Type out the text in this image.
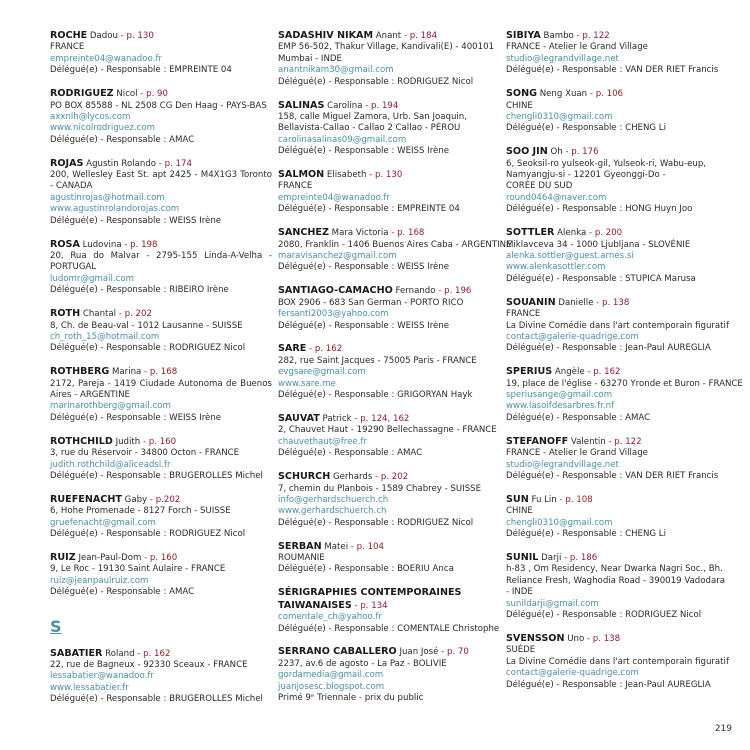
ROCHE Dadou - p. 130
FRANCE
empreinte04@wanadoo.fr
Délégué(e) - Responsable : EMPREINTE 04
RODRIGUEZ Nicol - p. 90
PO BOX 85588 - NL 2508 CG Den Haag - PAYS-BAS
axxnlh@lycos.com
www.nicolrodriguez.com
Délégué(e) - Responsable : AMAC
ROJAS Agustin Rolando - p. 174
200, Wellesley East St. apt 2425 - M4X1G3 Toronto - CANADA
agustinrojas@hotmail.com
www.agustinrolandorojas.com
Délégué(e) - Responsable : WEISS Irène
ROSA Ludovina - p. 198
20, Rua do Malvar - 2795-155 Linda-A-Velha - PORTUGAL
ludomr@gmail.com
Délégué(e) - Responsable : RIBEIRO Irène
ROTH Chantal - p. 202
8, Ch. de Beau-val - 1012 Lausanne - SUISSE
ch_roth_15@hotmail.com
Délégué(e) - Responsable : RODRIGUEZ Nicol
ROTHBERG Marina - p. 168
2172, Pareja - 1419 Ciudade Autonoma de Buenos Aires - ARGENTINE
marinarothberg@gmail.com
Délégué(e) - Responsable : WEISS Irène
ROTHCHILD Judith - p. 160
3, rue du Réservoir - 34800 Octon - FRANCE
judith.rothchild@aliceadsl.fr
Délégué(e) - Responsable : BRUGEROLLES Michel
RUEFENACHT Gaby - p.202
6, Hohe Promenade - 8127 Forch - SUISSE
gruefenacht@gmail.com
Délégué(e) - Responsable : RODRIGUEZ Nicol
RUIZ Jean-Paul-Dom - p. 160
9, Le Roc - 19130 Saint Aulaire - FRANCE
ruiz@jeanpaulruiz.com
Délégué(e) - Responsable : AMAC
S
SABATIER Roland - p. 162
22, rue de Bagneux - 92330 Sceaux - FRANCE
lessabatier@wanadoo.fr
www.lessabatier.fr
Délégué(e) - Responsable : BRUGEROLLES Michel
SADASHIV NIKAM Anant - p. 184
EMP 56-502, Thakur Village, Kandivali(E) - 400101
Mumbai - INDE
anantnikam30@gmail.com
Délégué(e) - Responsable : RODRIGUEZ Nicol
SALINAS Carolina - p. 194
158, calle Miguel Zamora, Urb. San Joaquin,
Bellavista-Callao - Callao 2 Callao - PÉROU
carolinasalinas09@gmail.com
Délégué(e) - Responsable : WEISS Irène
SALMON Elisabeth - p. 130
FRANCE
empreinte04@wanadoo.fr
Délégué(e) - Responsable : EMPREINTE 04
SANCHEZ Mara Victoria - p. 168
2080, Franklin - 1406 Buenos Aires Caba - ARGENTINE
maravisanchez@gmail.com
Délégué(e) - Responsable : WEISS Irène
SANTIAGO-CAMACHO Fernando - p. 196
BOX 2906 - 683 San German - PORTO RICO
fersanti2003@yahoo.com
Délégué(e) - Responsable : WEISS Irène
SARE - p. 162
282, rue Saint Jacques - 75005 Paris - FRANCE
evgsare@gmail.com
www.sare.me
Délégué(e) - Responsable : GRIGORYAN Hayk
SAUVAT Patrick - p. 124, 162
2, Chauvet Haut - 19290 Bellechassagne - FRANCE
chauvethaut@free.fr
Délégué(e) - Responsable : AMAC
SCHURCH Gerhards - p. 202
7, chemin du Planbois - 1589 Chabrey - SUISSE
info@gerhardschuerch.ch
www.gerhardschuerch.ch
Délégué(e) - Responsable : RODRIGUEZ Nicol
SERBAN Matei - p. 104
ROUMANIE
Délégué(e) - Responsable : BOERIU Anca
SÉRIGRAPHIES CONTEMPORAINES
TAIWANAISES - p. 134
comentale_ch@yahoo.fr
Délégué(e) - Responsable : COMENTALE Christophe
SERRANO CABALLERO Juan José - p. 70
2237, av.6 de agosto - La Paz - BOLIVIE
gordamedia@gmail.com
juanjosesc.blogspot.com
Primé 9ᵉ Triennale - prix du public
SIBIYA Bambo - p. 122
FRANCE - Atelier le Grand Village
studio@legrandvillage.net
Délégué(e) - Responsable : VAN DER RIET Francis
SONG Neng Xuan - p. 106
CHINE
chengli0310@gmail.com
Délégué(e) - Responsable : CHENG Li
SOO JIN Oh - p. 176
6, Seoksil-ro yulseok-gil, Yulseok-ri, Wabu-eup,
Namyangju-si - 12201 Gyeonggi-Do -
CORÉE DU SUD
round0464@naver.com
Délégué(e) - Responsable : HONG Huyn Joo
SOTTLER Alenka - p. 200
Miklavceva 34 - 1000 Ljubljana - SLOVÉNIE
alenka.sottler@guest.arnes.si
www.alenkasottler.com
Délégué(e) - Responsable : STUPICA Marusa
SOUANIN Danielle - p. 138
FRANCE
La Divine Comédie dans l'art contemporain figuratif
contact@galerie-quadrige.com
Délégué(e) - Responsable : Jean-Paul AUREGLIA
SPERIUS Angèle - p. 162
19, place de l'église - 63270 Yronde et Buron - FRANCE
speriusange@gmail.com
www.lasoifdesarbres.fr.nf
Délégué(e) - Responsable : AMAC
STEFANOFF Valentin - p. 122
FRANCE - Atelier le Grand Village
studio@legrandvillage.net
Délégué(e) - Responsable : VAN DER RIET Francis
SUN Fu Lin - p. 108
CHINE
chengli0310@gmail.com
Délégué(e) - Responsable : CHENG Li
SUNIL Darji - p. 186
h-83 , Om Residency, Near Dwarka Nagri Soc., Bh.
Reliance Fresh, Waghodia Road - 390019 Vadodara
- INDE
sunildarji@gmail.com
Délégué(e) - Responsable : RODRIGUEZ Nicol
SVENSSON Uno - p. 138
SUÈDE
La Divine Comédie dans l'art contemporain figuratif
contact@galerie-quadrige.com
Délégué(e) - Responsable : Jean-Paul AUREGLIA
219
